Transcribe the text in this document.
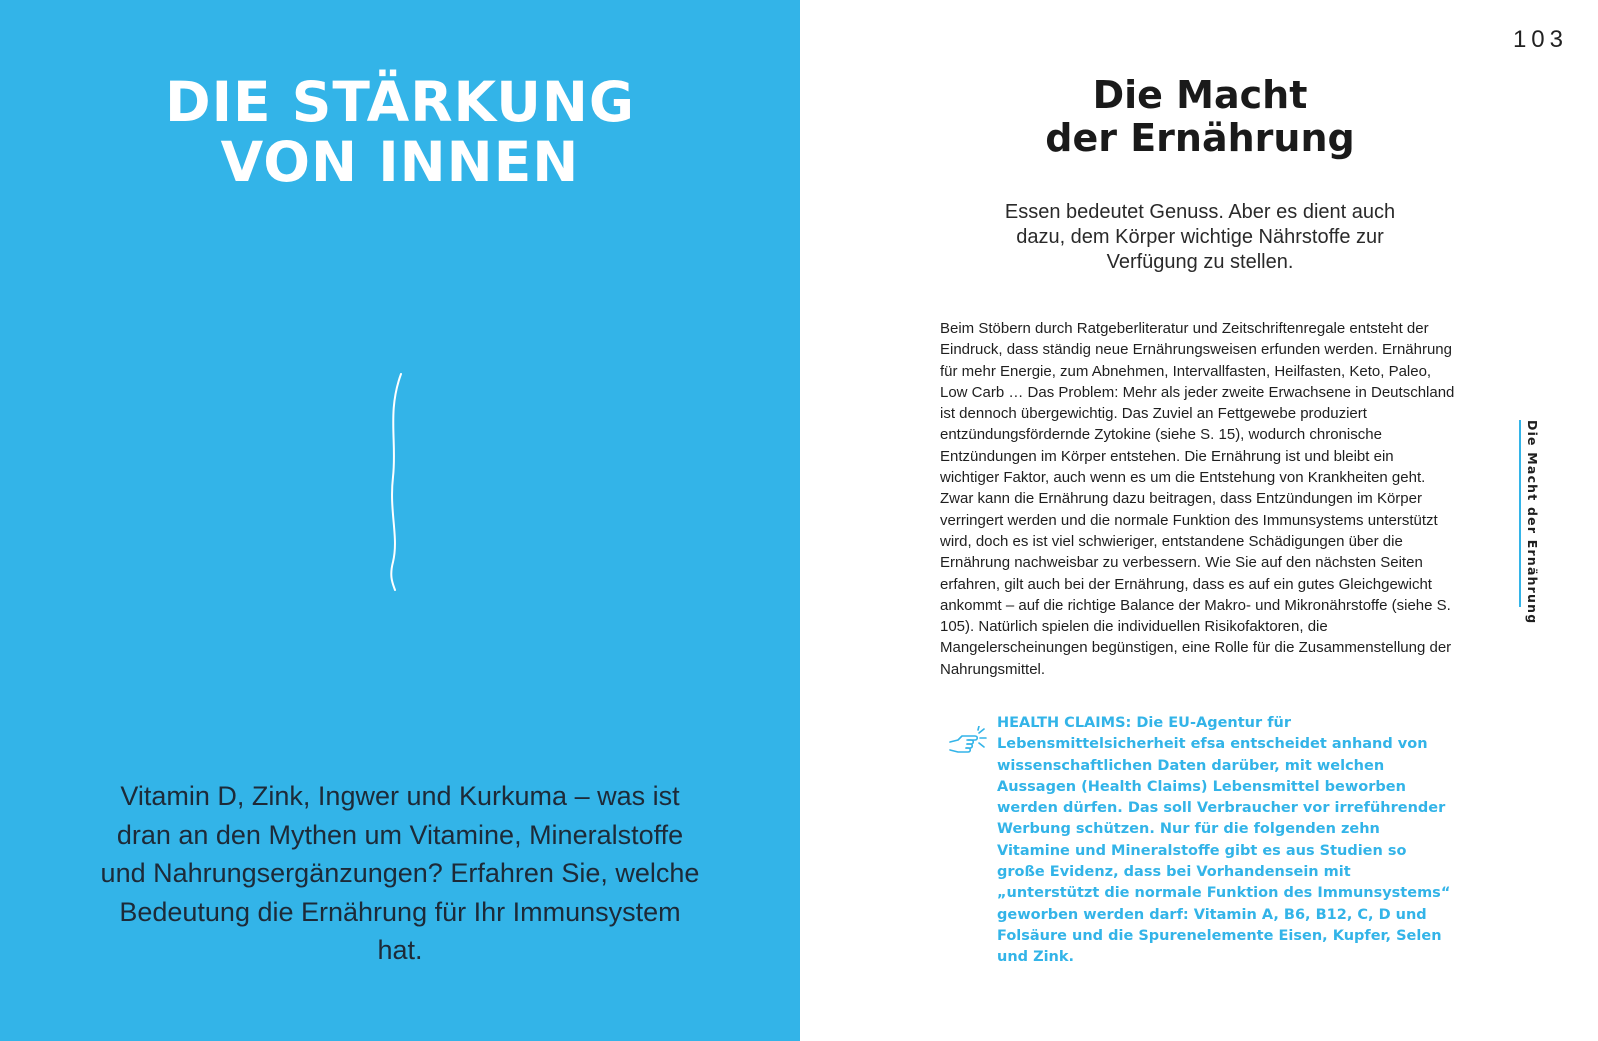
DIE STÄRKUNG
VON INNEN

Vitamin D, Zink, Ingwer und Kurkuma – was ist dran an den Mythen um Vitamine, Mineralstoffe und Nahrungsergänzungen? Erfahren Sie, welche Bedeutung die Ernährung für Ihr Immunsystem hat.

103
Die Macht
der Ernährung

Essen bedeutet Genuss. Aber es dient auch dazu, dem Körper wichtige Nährstoffe zur Verfügung zu stellen.

Beim Stöbern durch Ratgeberliteratur und Zeitschriftenregale entsteht der Eindruck, dass ständig neue Ernährungsweisen erfunden werden. Ernährung für mehr Energie, zum Abnehmen, Intervallfasten, Heilfasten, Keto, Paleo, Low Carb … Das Problem: Mehr als jeder zweite Erwachsene in Deutschland ist dennoch übergewichtig. Das Zuviel an Fettgewebe produziert entzündungsfördernde Zytokine (siehe S. 15), wodurch chronische Entzündungen im Körper entstehen. Die Ernährung ist und bleibt ein wichtiger Faktor, auch wenn es um die Entstehung von Krankheiten geht. Zwar kann die Ernährung dazu beitragen, dass Entzündungen im Körper verringert werden und die normale Funktion des Immunsystems unterstützt wird, doch es ist viel schwieriger, entstandene Schädigungen über die Ernährung nachweisbar zu verbessern. Wie Sie auf den nächsten Seiten erfahren, gilt auch bei der Ernährung, dass es auf ein gutes Gleichgewicht ankommt – auf die richtige Balance der Makro- und Mikronährstoffe (siehe S. 105). Natürlich spielen die individuellen Risikofaktoren, die Mangelerscheinungen begünstigen, eine Rolle für die Zusammenstellung der Nahrungsmittel.

HEALTH CLAIMS: Die EU-Agentur für Lebensmittelsicherheit efsa entscheidet anhand von wissenschaftlichen Daten darüber, mit welchen Aussagen (Health Claims) Lebensmittel beworben werden dürfen. Das soll Verbraucher vor irreführender Werbung schützen. Nur für die folgenden zehn Vitamine und Mineralstoffe gibt es aus Studien so große Evidenz, dass bei Vorhandensein mit „unterstützt die normale Funktion des Immunsystems“ geworben werden darf: Vitamin A, B6, B12, C, D und Folsäure und die Spurenelemente Eisen, Kupfer, Selen und Zink.

Die Macht der Ernährung
